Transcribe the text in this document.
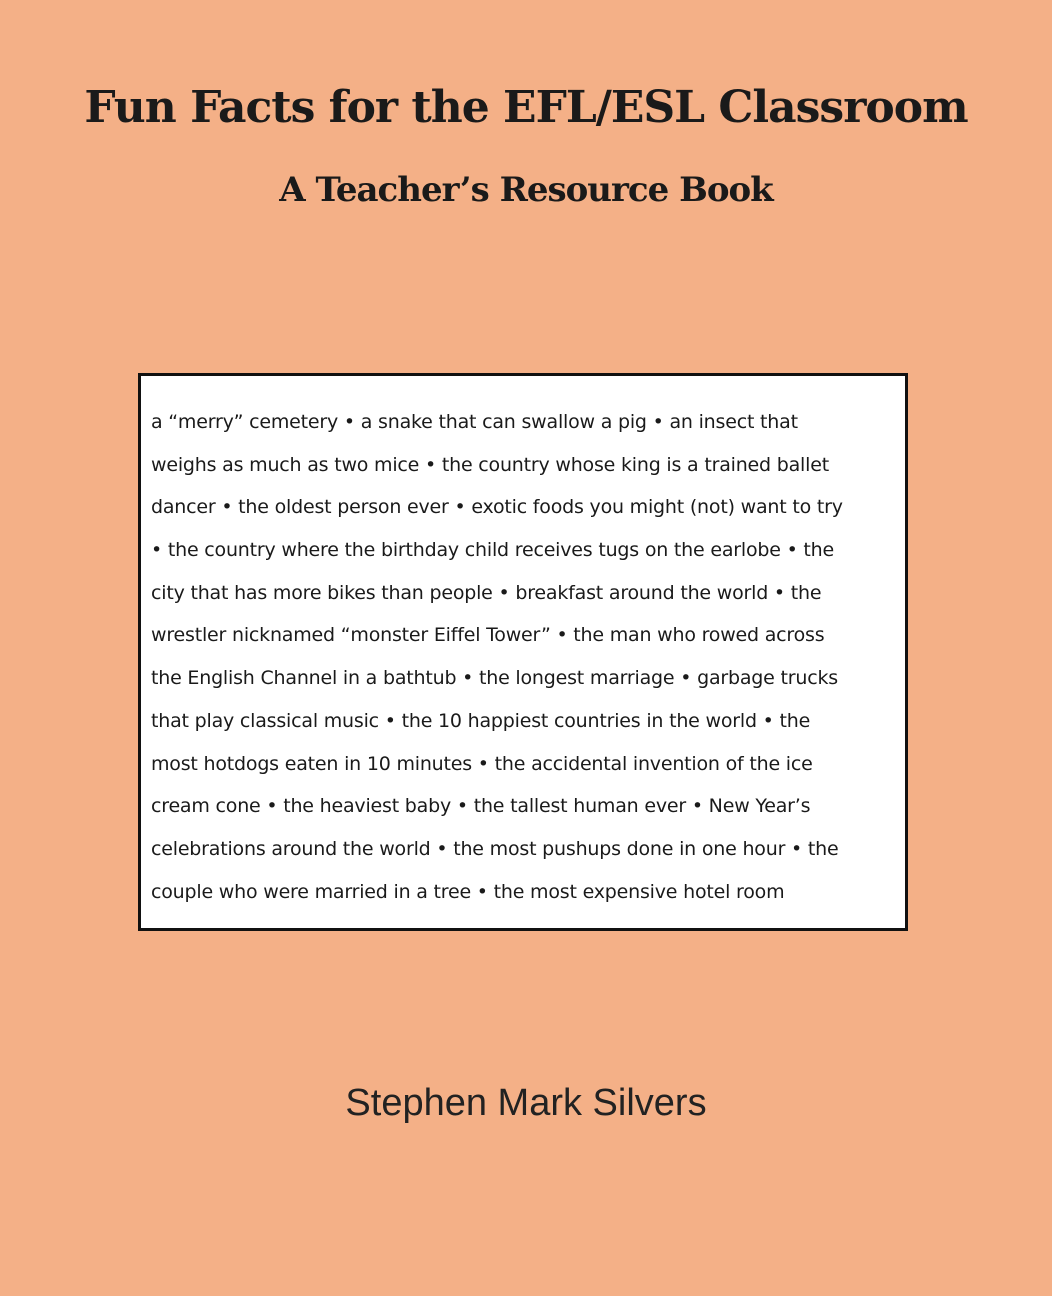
Fun Facts for the EFL/ESL Classroom
A Teacher’s Resource Book
a “merry” cemetery • a snake that can swallow a pig • an insect that
weighs as much as two mice • the country whose king is a trained ballet
dancer • the oldest person ever • exotic foods you might (not) want to try
• the country where the birthday child receives tugs on the earlobe • the
city that has more bikes than people • breakfast around the world • the
wrestler nicknamed “monster Eiffel Tower” • the man who rowed across
the English Channel in a bathtub • the longest marriage • garbage trucks
that play classical music • the 10 happiest countries in the world • the
most hotdogs eaten in 10 minutes • the accidental invention of the ice
cream cone • the heaviest baby • the tallest human ever • New Year’s
celebrations around the world • the most pushups done in one hour • the
couple who were married in a tree • the most expensive hotel room

Stephen Mark Silvers
